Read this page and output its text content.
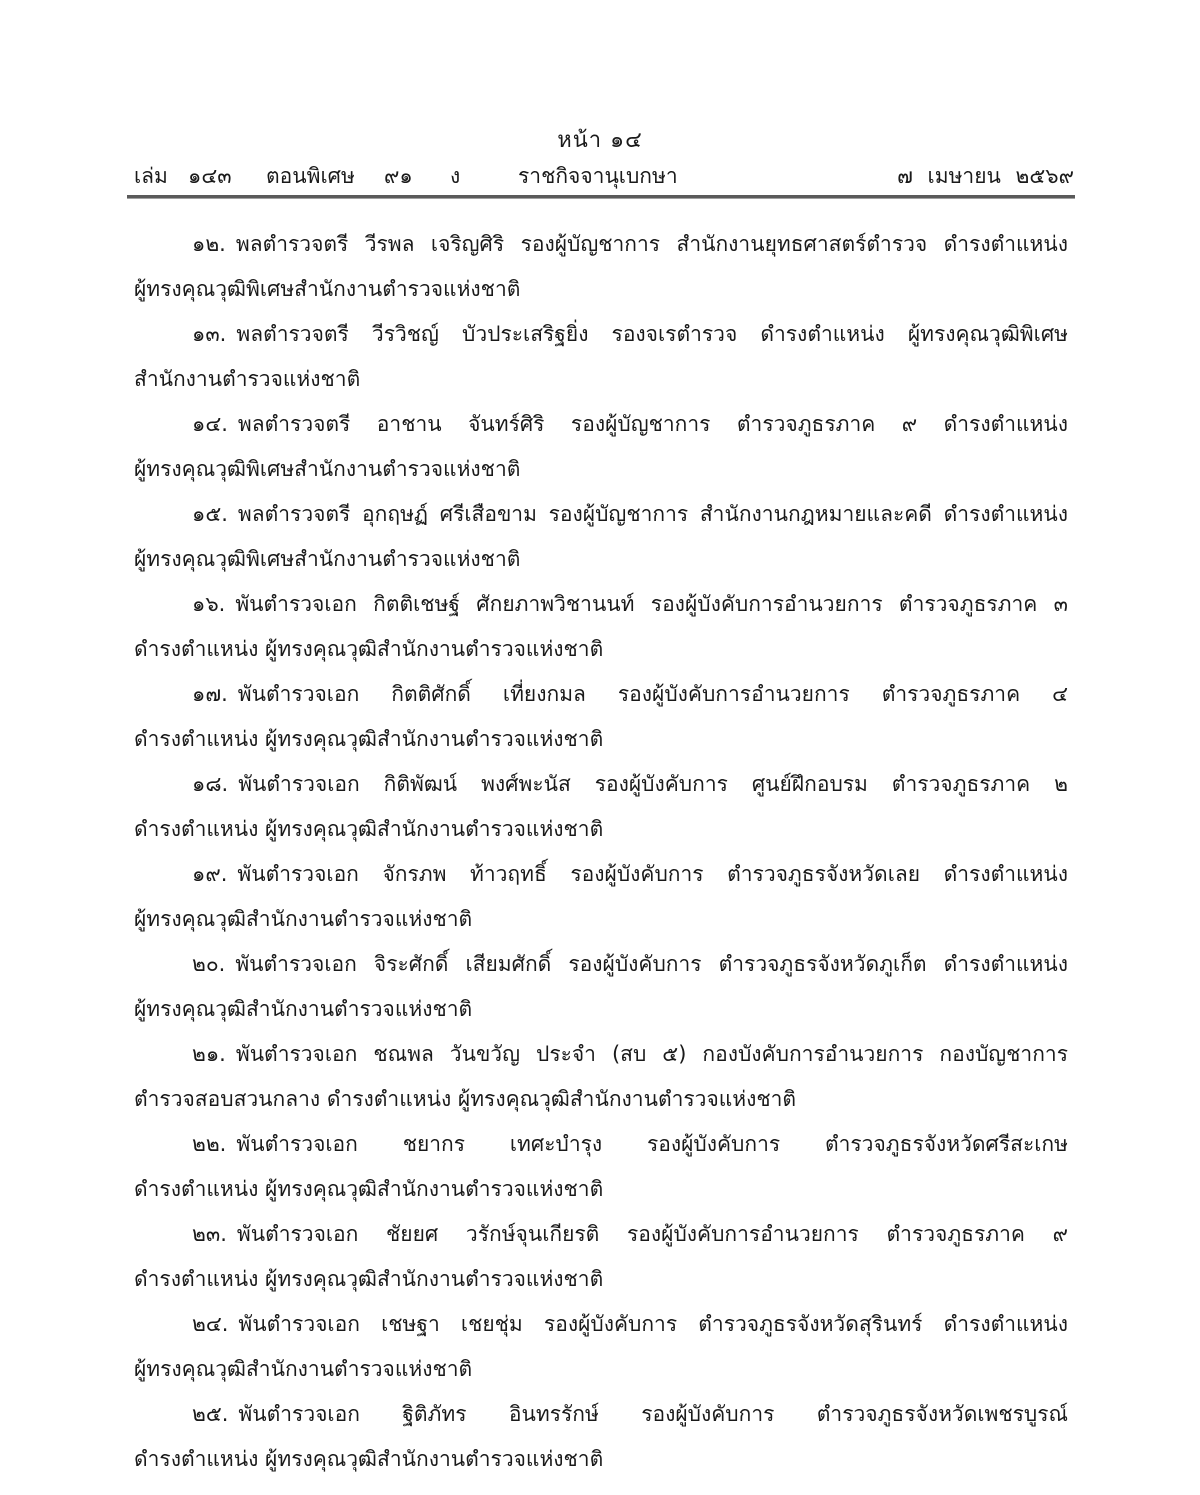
หน้า ๑๔
เล่ม ๑๔๓ ตอนพิเศษ ๙๑ ง	ราชกิจจานุเบกษา	๗ เมษายน ๒๕๖๙

๑๒. พลตำรวจตรี วีรพล เจริญศิริ รองผู้บัญชาการ สำนักงานยุทธศาสตร์ตำรวจ ดำรงตำแหน่ง
ผู้ทรงคุณวุฒิพิเศษสำนักงานตำรวจแห่งชาติ

๑๓. พลตำรวจตรี วีรวิชญ์ บัวประเสริฐยิ่ง รองจเรตำรวจ ดำรงตำแหน่ง ผู้ทรงคุณวุฒิพิเศษ
สำนักงานตำรวจแห่งชาติ

๑๔. พลตำรวจตรี อาชาน จันทร์ศิริ รองผู้บัญชาการ ตำรวจภูธรภาค ๙ ดำรงตำแหน่ง
ผู้ทรงคุณวุฒิพิเศษสำนักงานตำรวจแห่งชาติ

๑๕. พลตำรวจตรี อุกฤษฏ์ ศรีเสือขาม รองผู้บัญชาการ สำนักงานกฎหมายและคดี ดำรงตำแหน่ง
ผู้ทรงคุณวุฒิพิเศษสำนักงานตำรวจแห่งชาติ

๑๖. พันตำรวจเอก กิตติเชษฐ์ ศักยภาพวิชานนท์ รองผู้บังคับการอำนวยการ ตำรวจภูธรภาค ๓
ดำรงตำแหน่ง ผู้ทรงคุณวุฒิสำนักงานตำรวจแห่งชาติ

๑๗. พันตำรวจเอก กิตติศักดิ์ เที่ยงกมล รองผู้บังคับการอำนวยการ ตำรวจภูธรภาค ๔
ดำรงตำแหน่ง ผู้ทรงคุณวุฒิสำนักงานตำรวจแห่งชาติ

๑๘. พันตำรวจเอก กิติพัฒน์ พงศ์พะนัส รองผู้บังคับการ ศูนย์ฝึกอบรม ตำรวจภูธรภาค ๒
ดำรงตำแหน่ง ผู้ทรงคุณวุฒิสำนักงานตำรวจแห่งชาติ

๑๙. พันตำรวจเอก จักรภพ ท้าวฤทธิ์ รองผู้บังคับการ ตำรวจภูธรจังหวัดเลย ดำรงตำแหน่ง
ผู้ทรงคุณวุฒิสำนักงานตำรวจแห่งชาติ

๒๐. พันตำรวจเอก จิระศักดิ์ เสียมศักดิ์ รองผู้บังคับการ ตำรวจภูธรจังหวัดภูเก็ต ดำรงตำแหน่ง
ผู้ทรงคุณวุฒิสำนักงานตำรวจแห่งชาติ

๒๑. พันตำรวจเอก ชณพล วันขวัญ ประจำ (สบ ๕) กองบังคับการอำนวยการ กองบัญชาการ
ตำรวจสอบสวนกลาง ดำรงตำแหน่ง ผู้ทรงคุณวุฒิสำนักงานตำรวจแห่งชาติ

๒๒. พันตำรวจเอก ชยากร เทศะบำรุง รองผู้บังคับการ ตำรวจภูธรจังหวัดศรีสะเกษ
ดำรงตำแหน่ง ผู้ทรงคุณวุฒิสำนักงานตำรวจแห่งชาติ

๒๓. พันตำรวจเอก ชัยยศ วรักษ์จุนเกียรติ รองผู้บังคับการอำนวยการ ตำรวจภูธรภาค ๙
ดำรงตำแหน่ง ผู้ทรงคุณวุฒิสำนักงานตำรวจแห่งชาติ

๒๔. พันตำรวจเอก เชษฐา เชยชุ่ม รองผู้บังคับการ ตำรวจภูธรจังหวัดสุรินทร์ ดำรงตำแหน่ง
ผู้ทรงคุณวุฒิสำนักงานตำรวจแห่งชาติ

๒๕. พันตำรวจเอก ฐิติภัทร อินทรรักษ์ รองผู้บังคับการ ตำรวจภูธรจังหวัดเพชรบูรณ์
ดำรงตำแหน่ง ผู้ทรงคุณวุฒิสำนักงานตำรวจแห่งชาติ
